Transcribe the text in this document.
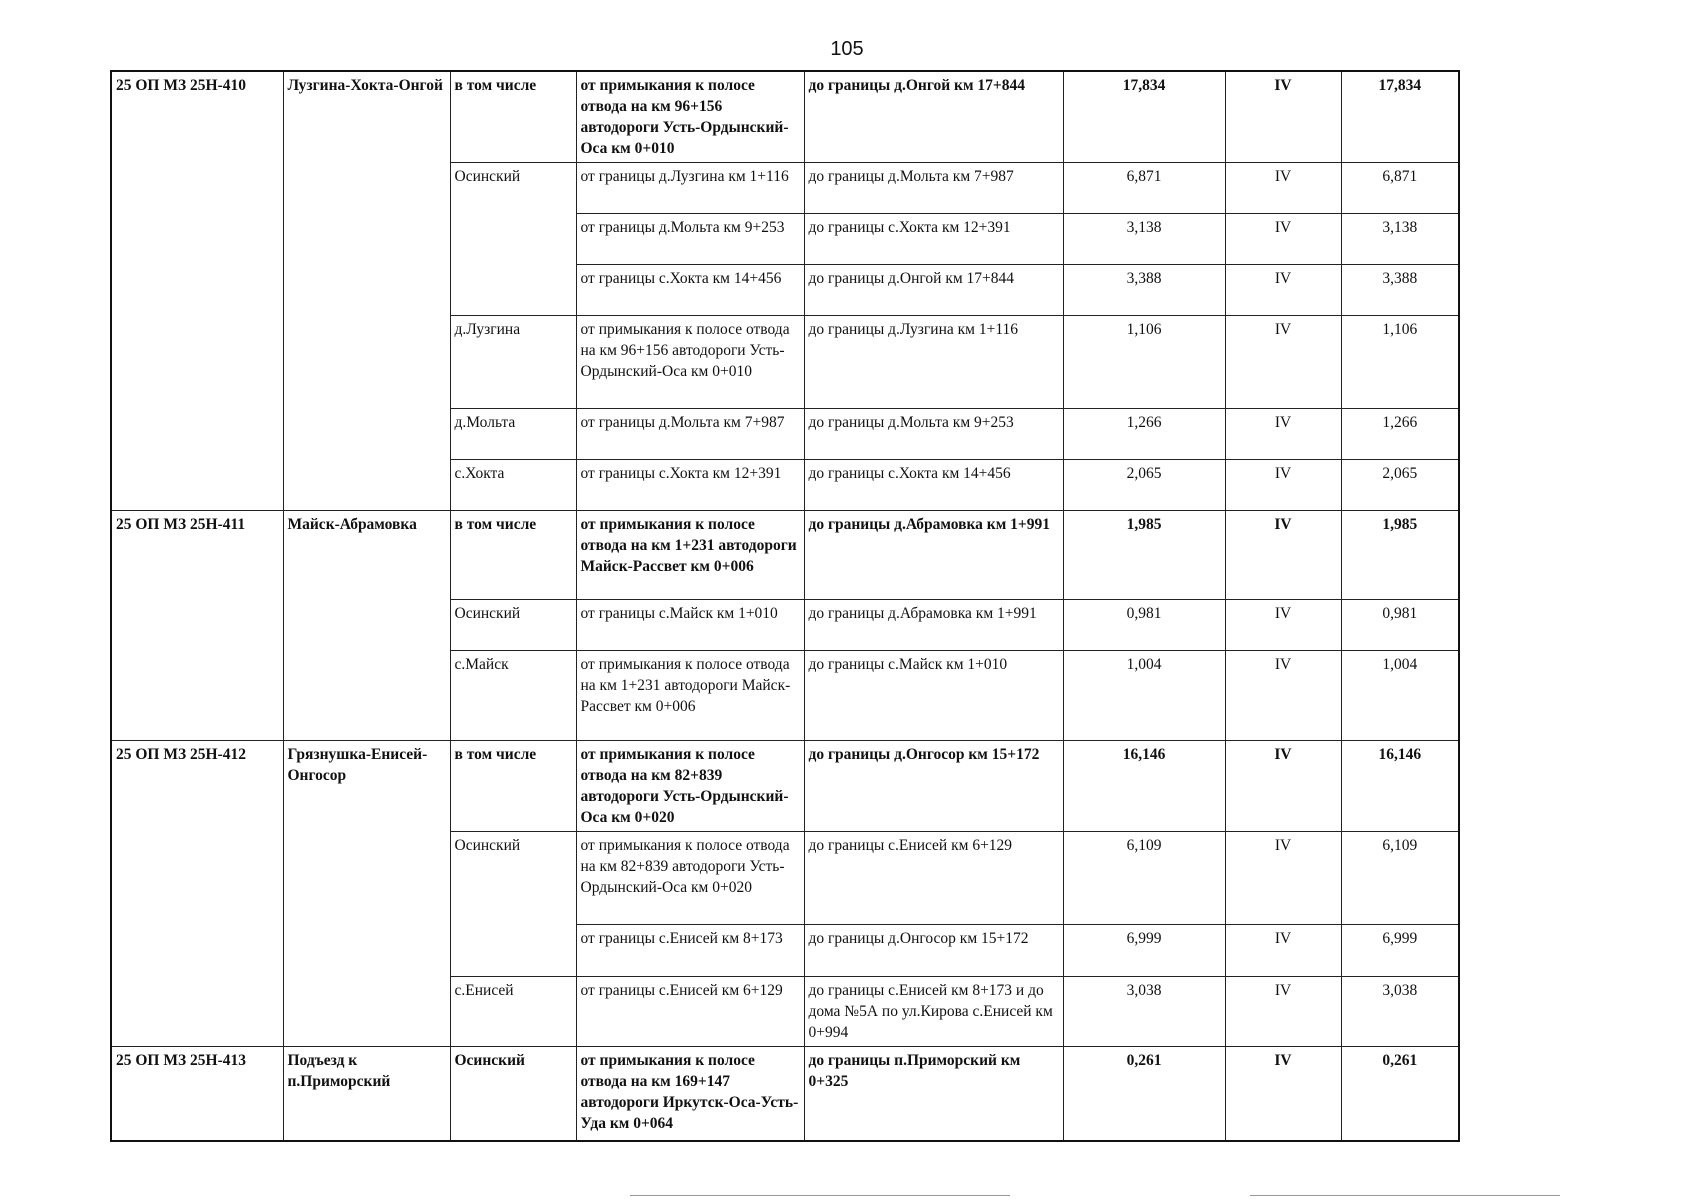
105
25 ОП МЗ 25Н-410	Лузгина-Хокта-Онгой	в том числе	от примыкания к полосе отвода на км 96+156 автодороги Усть-Ордынский-Оса км 0+010	до границы д.Онгой км 17+844	17,834	IV	17,834
		Осинский	от границы д.Лузгина км 1+116	до границы д.Мольта км 7+987	6,871	IV	6,871
			от границы д.Мольта км 9+253	до границы с.Хокта км 12+391	3,138	IV	3,138
			от границы с.Хокта км 14+456	до границы д.Онгой км 17+844	3,388	IV	3,388
		д.Лузгина	от примыкания к полосе отвода на км 96+156 автодороги Усть-Ордынский-Оса км 0+010	до границы д.Лузгина км 1+116	1,106	IV	1,106
		д.Мольта	от границы д.Мольта км 7+987	до границы д.Мольта км 9+253	1,266	IV	1,266
		с.Хокта	от границы с.Хокта км 12+391	до границы с.Хокта км 14+456	2,065	IV	2,065
25 ОП МЗ 25Н-411	Майск-Абрамовка	в том числе	от примыкания к полосе отвода на км 1+231 автодороги Майск-Рассвет км 0+006	до границы д.Абрамовка км 1+991	1,985	IV	1,985
		Осинский	от границы с.Майск км 1+010	до границы д.Абрамовка км 1+991	0,981	IV	0,981
		с.Майск	от примыкания к полосе отвода на км 1+231 автодороги Майск-Рассвет км 0+006	до границы с.Майск км 1+010	1,004	IV	1,004
25 ОП МЗ 25Н-412	Грязнушка-Енисей-Онгосор	в том числе	от примыкания к полосе отвода на км 82+839 автодороги Усть-Ордынский-Оса км 0+020	до границы д.Онгосор км 15+172	16,146	IV	16,146
		Осинский	от примыкания к полосе отвода на км 82+839 автодороги Усть-Ордынский-Оса км 0+020	до границы с.Енисей км 6+129	6,109	IV	6,109
			от границы с.Енисей км 8+173	до границы д.Онгосор км 15+172	6,999	IV	6,999
		с.Енисей	от границы с.Енисей км 6+129	до границы с.Енисей км 8+173 и до дома №5А по ул.Кирова с.Енисей км 0+994	3,038	IV	3,038
25 ОП МЗ 25Н-413	Подъезд к п.Приморский	Осинский	от примыкания к полосе отвода на км 169+147 автодороги Иркутск-Оса-Усть-Уда км 0+064	до границы п.Приморский км 0+325	0,261	IV	0,261
